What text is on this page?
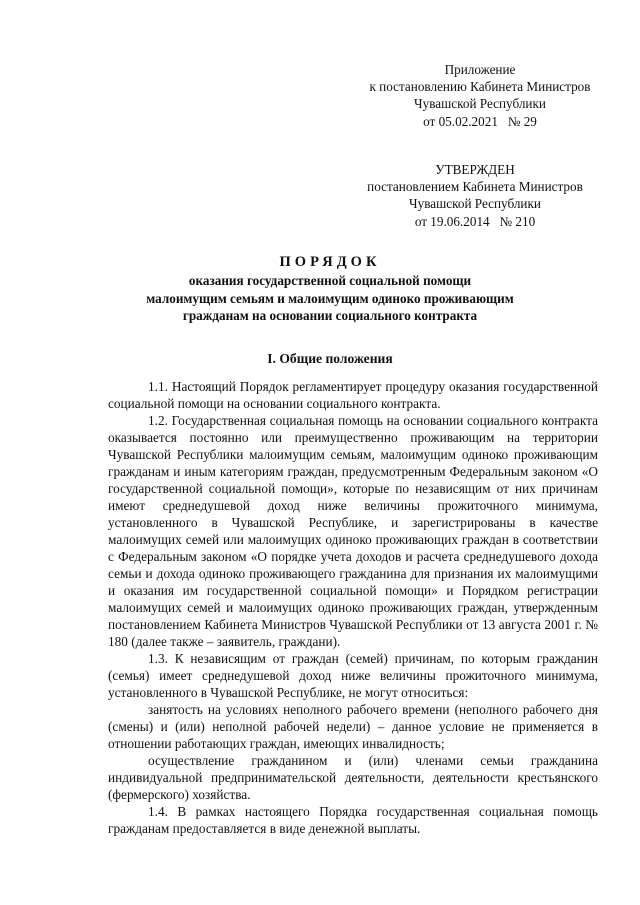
Приложение
к постановлению Кабинета Министров
Чувашской Республики
от 05.02.2021   № 29
УТВЕРЖДЕН
постановлением Кабинета Министров
Чувашской Республики
от 19.06.2014   № 210
ПОРЯДОК
оказания государственной социальной помощи
малоимущим семьям и малоимущим одиноко проживающим
гражданам на основании социального контракта
I. Общие положения

1.1. Настоящий Порядок регламентирует процедуру оказания государственной социальной помощи на основании социального контракта.

1.2. Государственная социальная помощь на основании социального контракта оказывается постоянно или преимущественно проживающим на территории Чувашской Республики малоимущим семьям, малоимущим одиноко проживающим гражданам и иным категориям граждан, предусмотренным Федеральным законом «О государственной социальной помощи», которые по независящим от них причинам имеют среднедушевой доход ниже величины прожиточного минимума, установленного в Чувашской Республике, и зарегистрированы в качестве малоимущих семей или малоимущих одиноко проживающих граждан в соответствии с Федеральным законом «О порядке учета доходов и расчета среднедушевого дохода семьи и дохода одиноко проживающего гражданина для признания их малоимущими и оказания им государственной социальной помощи» и Порядком регистрации малоимущих семей и малоимущих одиноко проживающих граждан, утвержденным постановлением Кабинета Министров Чувашской Республики от 13 августа 2001 г. № 180 (далее также – заявитель, граждани).

1.3. К независящим от граждан (семей) причинам, по которым гражданин (семья) имеет среднедушевой доход ниже величины прожиточного минимума, установленного в Чувашской Республике, не могут относиться:

занятость на условиях неполного рабочего времени (неполного рабочего дня (смены) и (или) неполной рабочей недели) – данное условие не применяется в отношении работающих граждан, имеющих инвалидность;

осуществление гражданином и (или) членами семьи гражданина индивидуальной предпринимательской деятельности, деятельности крестьянского (фермерского) хозяйства.

1.4. В рамках настоящего Порядка государственная социальная помощь гражданам предоставляется в виде денежной выплаты.
